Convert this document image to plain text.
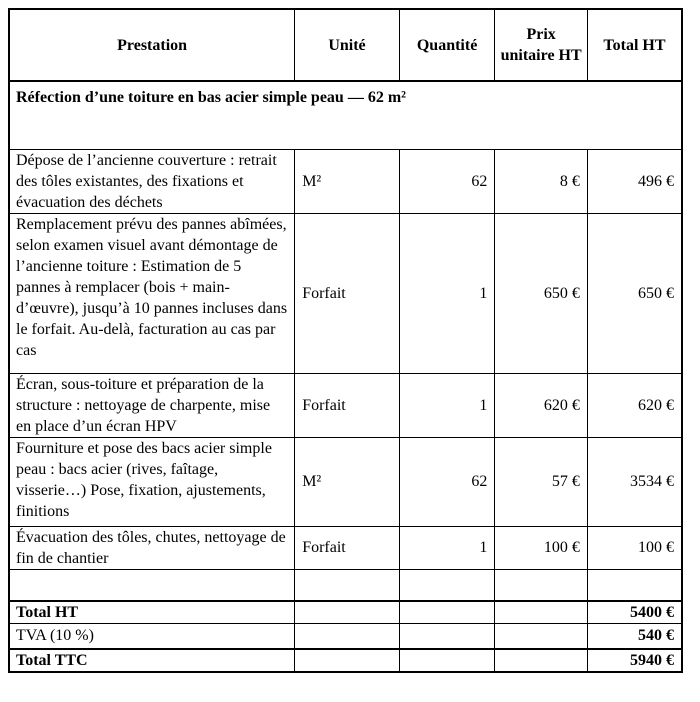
Prestation	Unité	Quantité	Prix unitaire HT	Total HT
Réfection d’une toiture en bas acier simple peau — 62 m²				
Dépose de l’ancienne couverture : retrait des tôles existantes, des fixations et évacuation des déchets	M²	62	8 €	496 €
Remplacement prévu des pannes abîmées, selon examen visuel avant démontage de l’ancienne toiture : Estimation de 5 pannes à remplacer (bois + main-d’œuvre), jusqu’à 10 pannes incluses dans le forfait. Au-delà, facturation au cas par cas	Forfait	1	650 €	650 €
Écran, sous-toiture et préparation de la structure : nettoyage de charpente, mise en place d’un écran HPV	Forfait	1	620 €	620 €
Fourniture et pose des bacs acier simple peau : bacs acier (rives, faîtage, visserie…) Pose, fixation, ajustements, finitions	M²	62	57 €	3534 €
Évacuation des tôles, chutes, nettoyage de fin de chantier	Forfait	1	100 €	100 €

Total HT				5400 €
TVA (10 %)				540 €
Total TTC				5940 €
